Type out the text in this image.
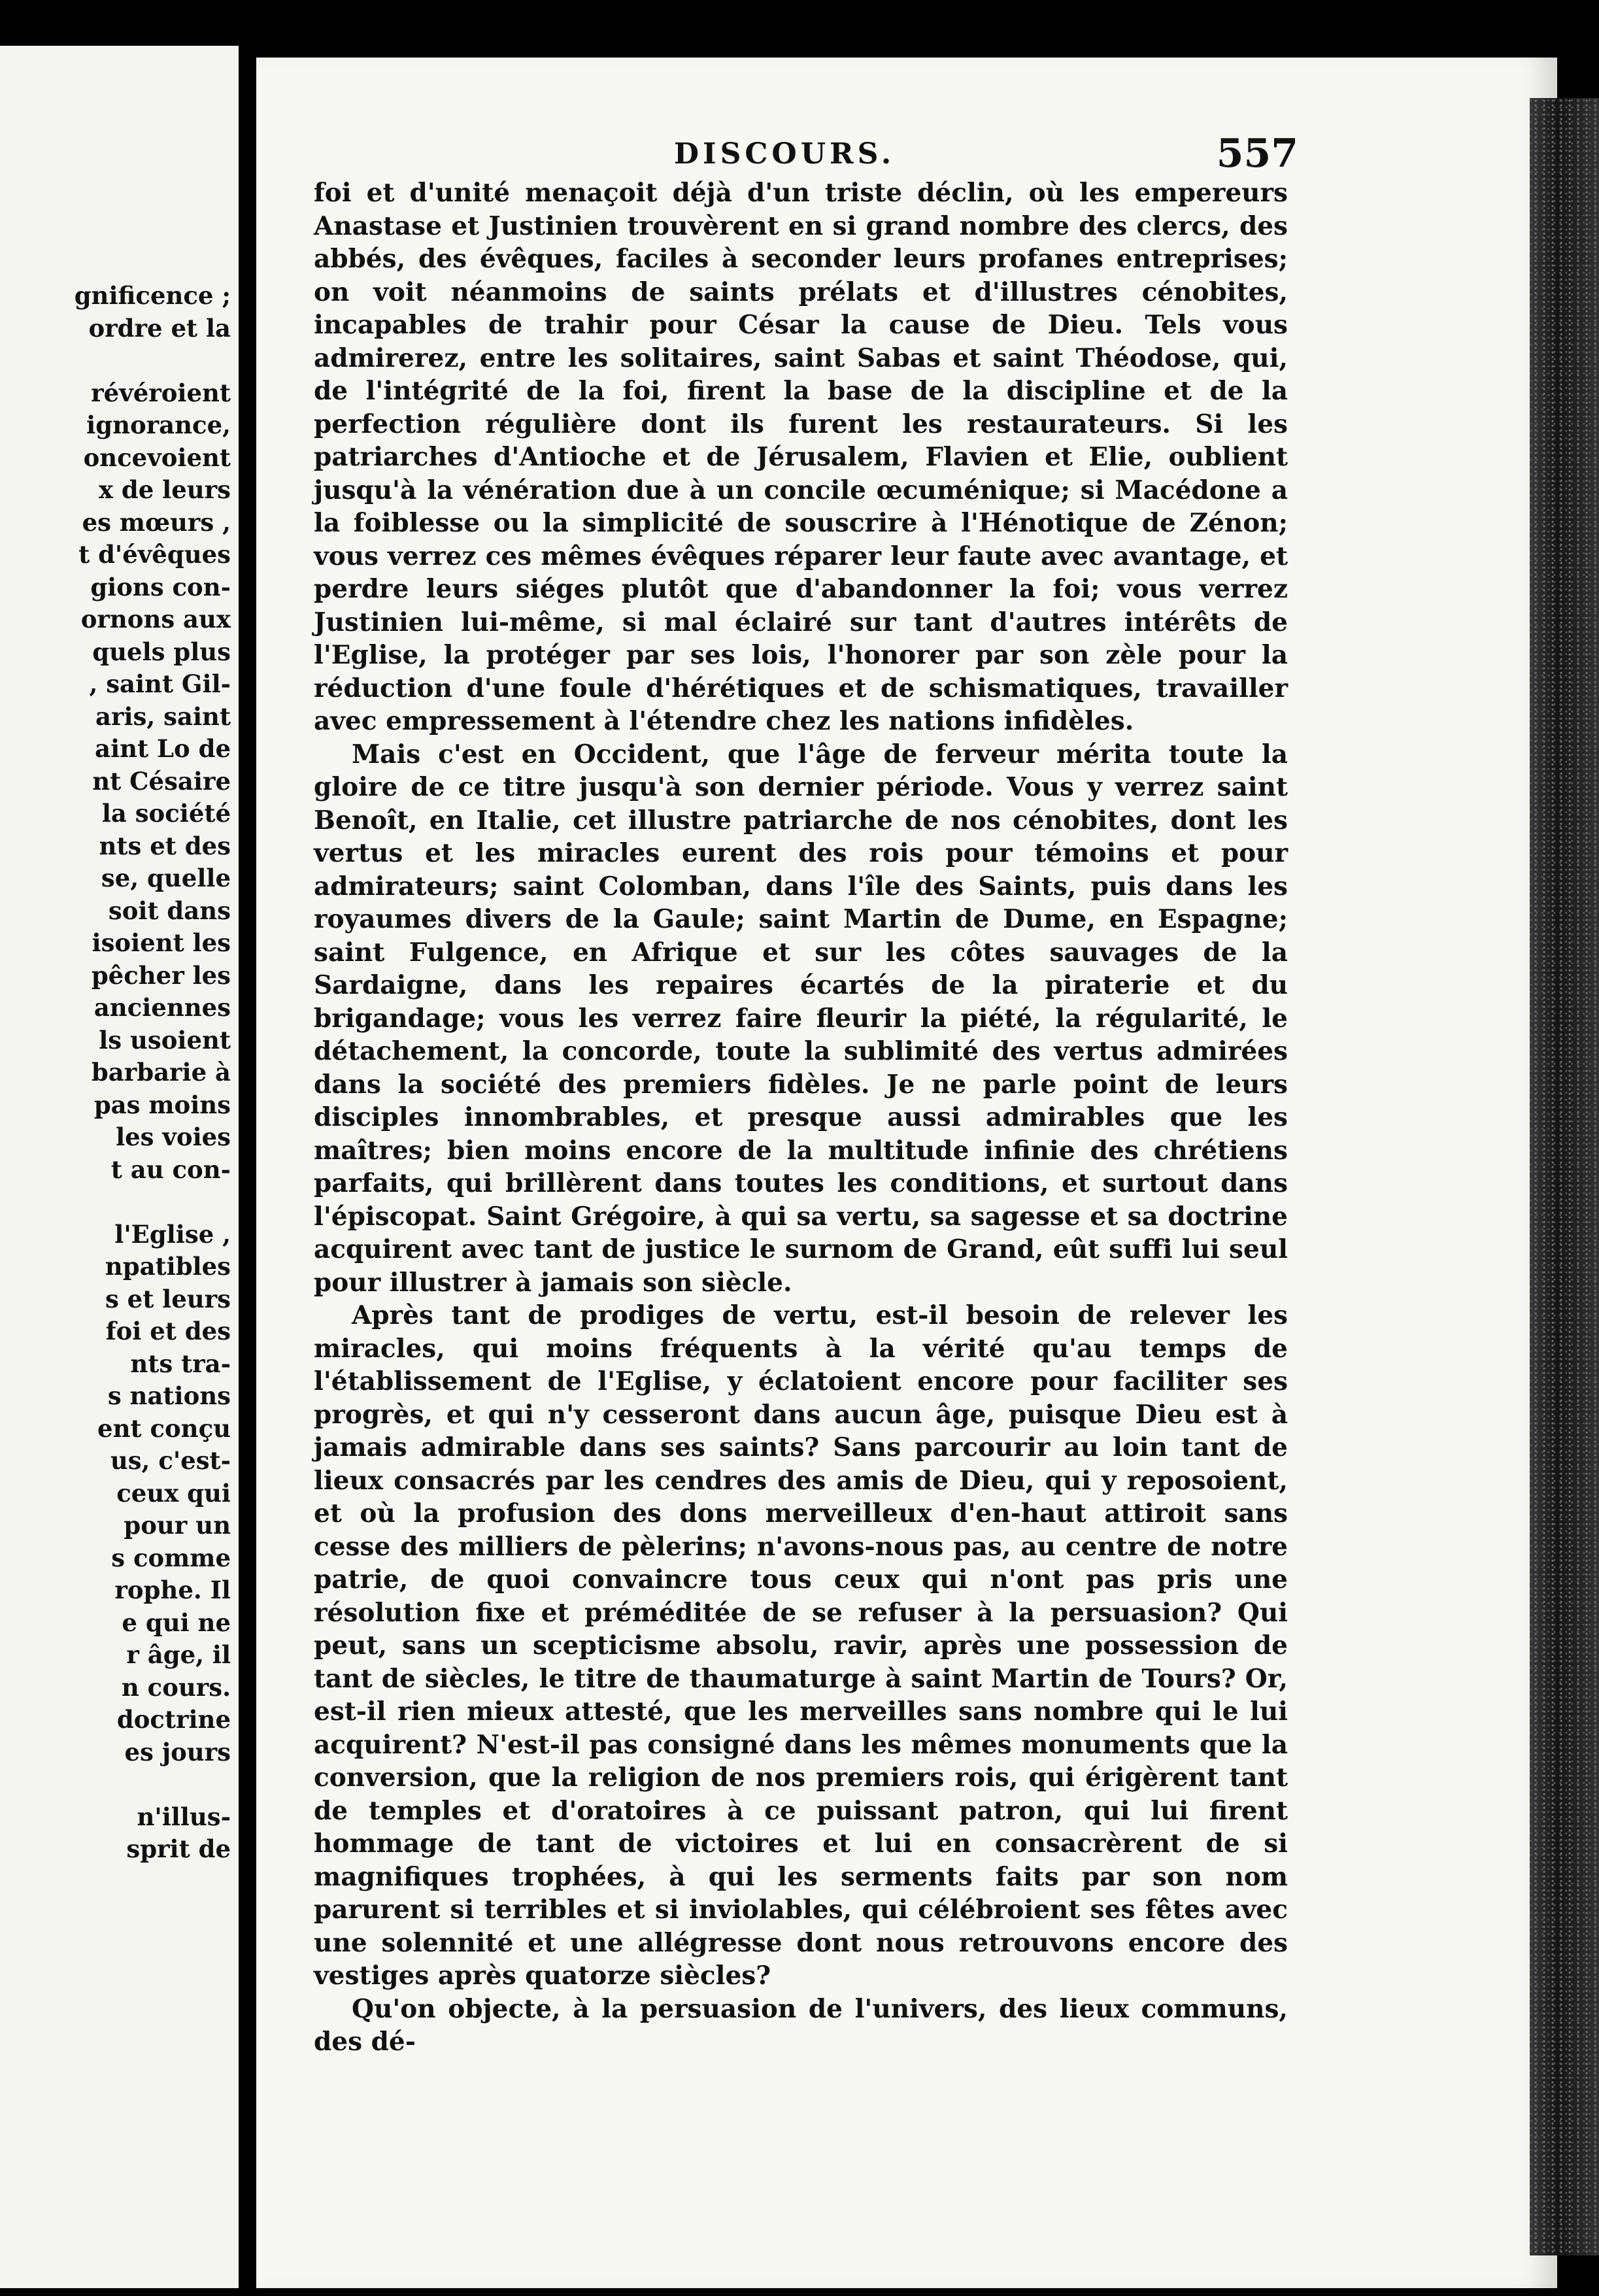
gnificence ;
ordre et la
révéroient
ignorance,
oncevoient
x de leurs
es mœurs ,
t d'évêques
gions con-
ornons aux
quels plus
, saint Gil-
aris, saint
aint Lo de
nt Césaire
la société
nts et des
se, quelle
soit dans
isoient les
pêcher les
anciennes
ls usoient
barbarie à
pas moins
les voies
t au con-
l'Eglise ,
npatibles
s et leurs
foi et des
nts tra-
s nations
ent conçu
us, c'est-
ceux qui
pour un
s comme
rophe. Il
e qui ne
r âge, il
n cours.
doctrine
es jours
n'illus-
sprit de
DISCOURS.	557

foi et d'unité menaçoit déjà d'un triste déclin, où les empereurs Anastase et Justinien trouvèrent en si grand nombre des clercs, des abbés, des évêques, faciles à seconder leurs profanes entreprises; on voit néanmoins de saints prélats et d'illustres cénobites, incapables de trahir pour César la cause de Dieu. Tels vous admirerez, entre les solitaires, saint Sabas et saint Théodose, qui, de l'intégrité de la foi, firent la base de la discipline et de la perfection régulière dont ils furent les restaurateurs. Si les patriarches d'Antioche et de Jérusalem, Flavien et Elie, oublient jusqu'à la vénération due à un concile œcuménique; si Macédone a la foiblesse ou la simplicité de souscrire à l'Hénotique de Zénon; vous verrez ces mêmes évêques réparer leur faute avec avantage, et perdre leurs siéges plutôt que d'abandonner la foi; vous verrez Justinien lui-même, si mal éclairé sur tant d'autres intérêts de l'Eglise, la protéger par ses lois, l'honorer par son zèle pour la réduction d'une foule d'hérétiques et de schismatiques, travailler avec empressement à l'étendre chez les nations infidèles.

Mais c'est en Occident, que l'âge de ferveur mérita toute la gloire de ce titre jusqu'à son dernier période. Vous y verrez saint Benoît, en Italie, cet illustre patriarche de nos cénobites, dont les vertus et les miracles eurent des rois pour témoins et pour admirateurs; saint Colomban, dans l'île des Saints, puis dans les royaumes divers de la Gaule; saint Martin de Dume, en Espagne; saint Fulgence, en Afrique et sur les côtes sauvages de la Sardaigne, dans les repaires écartés de la piraterie et du brigandage; vous les verrez faire fleurir la piété, la régularité, le détachement, la concorde, toute la sublimité des vertus admirées dans la société des premiers fidèles. Je ne parle point de leurs disciples innombrables, et presque aussi admirables que les maîtres; bien moins encore de la multitude infinie des chrétiens parfaits, qui brillèrent dans toutes les conditions, et surtout dans l'épiscopat. Saint Grégoire, à qui sa vertu, sa sagesse et sa doctrine acquirent avec tant de justice le surnom de Grand, eût suffi lui seul pour illustrer à jamais son siècle.

Après tant de prodiges de vertu, est-il besoin de relever les miracles, qui moins fréquents à la vérité qu'au temps de l'établissement de l'Eglise, y éclatoient encore pour faciliter ses progrès, et qui n'y cesseront dans aucun âge, puisque Dieu est à jamais admirable dans ses saints? Sans parcourir au loin tant de lieux consacrés par les cendres des amis de Dieu, qui y reposoient, et où la profusion des dons merveilleux d'en-haut attiroit sans cesse des milliers de pèlerins; n'avons-nous pas, au centre de notre patrie, de quoi convaincre tous ceux qui n'ont pas pris une résolution fixe et préméditée de se refuser à la persuasion? Qui peut, sans un scepticisme absolu, ravir, après une possession de tant de siècles, le titre de thaumaturge à saint Martin de Tours? Or, est-il rien mieux attesté, que les merveilles sans nombre qui le lui acquirent? N'est-il pas consigné dans les mêmes monuments que la conversion, que la religion de nos premiers rois, qui érigèrent tant de temples et d'oratoires à ce puissant patron, qui lui firent hommage de tant de victoires et lui en consacrèrent de si magnifiques trophées, à qui les serments faits par son nom parurent si terribles et si inviolables, qui célébroient ses fêtes avec une solennité et une allégresse dont nous retrouvons encore des vestiges après quatorze siècles?

Qu'on objecte, à la persuasion de l'univers, des lieux communs, des dé-
